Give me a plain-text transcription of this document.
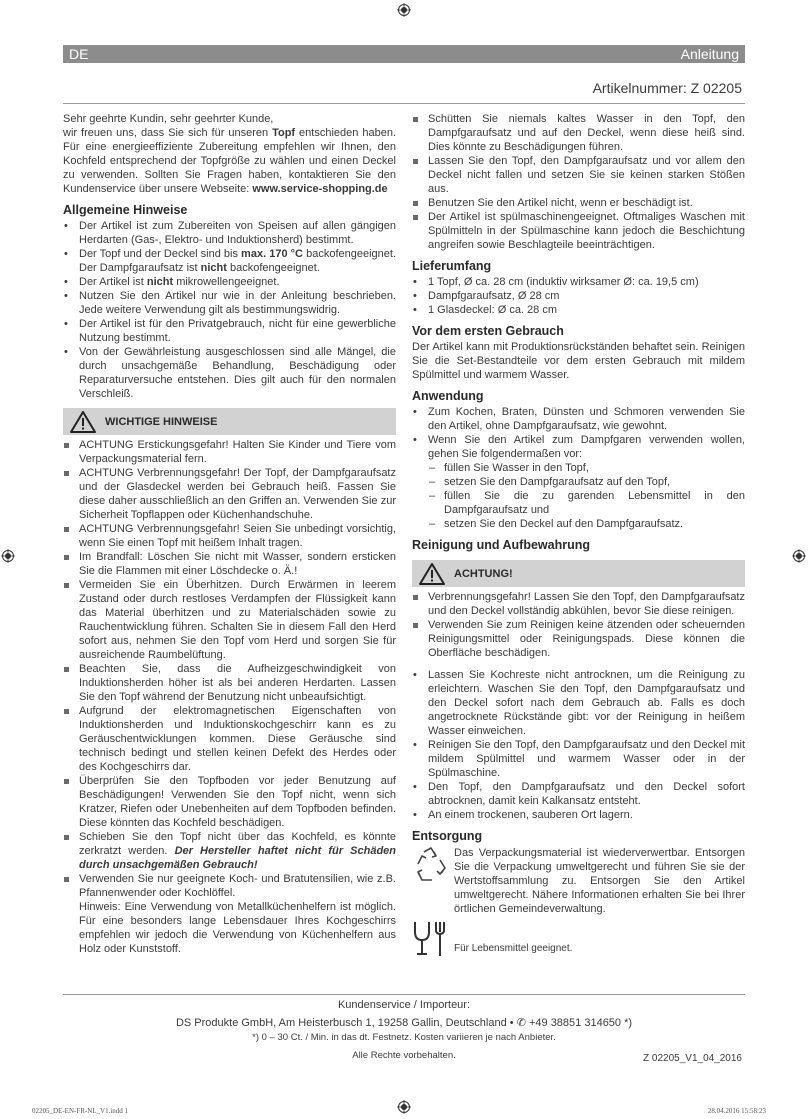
DE	Anleitung
Artikelnummer: Z 02205

Sehr geehrte Kundin, sehr geehrter Kunde,

wir freuen uns, dass Sie sich für unseren Topf entschieden haben. Für eine energieeffiziente Zubereitung empfehlen wir Ihnen, den Kochfeld entsprechend der Topfgröße zu wählen und einen Deckel zu verwenden. Sollten Sie Fragen haben, kontaktieren Sie den Kundenservice über unsere Webseite: www.service-shopping.de

Allgemeine Hinweise
• Der Artikel ist zum Zubereiten von Speisen auf allen gängigen Herdarten (Gas-, Elektro- und Induktionsherd) bestimmt.
• Der Topf und der Deckel sind bis max. 170 °C backofengeeignet. Der Dampfgaraufsatz ist nicht backofengeeignet.
• Der Artikel ist nicht mikrowellengeeignet.
• Nutzen Sie den Artikel nur wie in der Anleitung beschrieben. Jede weitere Verwendung gilt als bestimmungswidrig.
• Der Artikel ist für den Privatgebrauch, nicht für eine gewerbliche Nutzung bestimmt.
• Von der Gewährleistung ausgeschlossen sind alle Mängel, die durch unsachgemäße Behandlung, Beschädigung oder Reparaturversuche entstehen. Dies gilt auch für den normalen Verschleiß.
WICHTIGE HINWEISE
ACHTUNG Erstickungsgefahr! Halten Sie Kinder und Tiere vom Verpackungsmaterial fern.
ACHTUNG Verbrennungsgefahr! Der Topf, der Dampfgaraufsatz und der Glasdeckel werden bei Gebrauch heiß. Fassen Sie diese daher ausschließlich an den Griffen an. Verwenden Sie zur Sicherheit Topflappen oder Küchenhandschuhe.
ACHTUNG Verbrennungsgefahr! Seien Sie unbedingt vorsichtig, wenn Sie einen Topf mit heißem Inhalt tragen.
Im Brandfall: Löschen Sie nicht mit Wasser, sondern ersticken Sie die Flammen mit einer Löschdecke o. Ä.!
Vermeiden Sie ein Überhitzen. Durch Erwärmen in leerem Zustand oder durch restloses Verdampfen der Flüssigkeit kann das Material überhitzen und zu Materialschäden sowie zu Rauchentwicklung führen. Schalten Sie in diesem Fall den Herd sofort aus, nehmen Sie den Topf vom Herd und sorgen Sie für ausreichende Raumbelüftung.
Beachten Sie, dass die Aufheizgeschwindigkeit von Induktionsherden höher ist als bei anderen Herdarten. Lassen Sie den Topf während der Benutzung nicht unbeaufsichtigt.
Aufgrund der elektromagnetischen Eigenschaften von Induktionsherden und Induktionskochgeschirr kann es zu Geräuschentwicklungen kommen. Diese Geräusche sind technisch bedingt und stellen keinen Defekt des Herdes oder des Kochgeschirrs dar.
Überprüfen Sie den Topfboden vor jeder Benutzung auf Beschädigungen! Verwenden Sie den Topf nicht, wenn sich Kratzer, Riefen oder Unebenheiten auf dem Topfboden befinden. Diese könnten das Kochfeld beschädigen.
Schieben Sie den Topf nicht über das Kochfeld, es könnte zerkratzt werden. Der Hersteller haftet nicht für Schäden durch unsachgemäßen Gebrauch!
Verwenden Sie nur geeignete Koch- und Bratutensilien, wie z.B. Pfannenwender oder Kochlöffel.
Hinweis: Eine Verwendung von Metallküchenhelfern ist möglich. Für eine besonders lange Lebensdauer Ihres Kochgeschirrs empfehlen wir jedoch die Verwendung von Küchenhelfern aus Holz oder Kunststoff.
Schütten Sie niemals kaltes Wasser in den Topf, den Dampfgaraufsatz und auf den Deckel, wenn diese heiß sind. Dies könnte zu Beschädigungen führen.
Lassen Sie den Topf, den Dampfgaraufsatz und vor allem den Deckel nicht fallen und setzen Sie sie keinen starken Stößen aus.
Benutzen Sie den Artikel nicht, wenn er beschädigt ist.
Der Artikel ist spülmaschinengeeignet. Oftmaliges Waschen mit Spülmitteln in der Spülmaschine kann jedoch die Beschichtung angreifen sowie Beschlagteile beeinträchtigen.
Lieferumfang
• 1 Topf, Ø ca. 28 cm (induktiv wirksamer Ø: ca. 19,5 cm)
• Dampfgaraufsatz, Ø 28 cm
• 1 Glasdeckel: Ø ca. 28 cm
Vor dem ersten Gebrauch

Der Artikel kann mit Produktionsrückständen behaftet sein. Reinigen Sie die Set-Bestandteile vor dem ersten Gebrauch mit mildem Spülmittel und warmem Wasser.

Anwendung
• Zum Kochen, Braten, Dünsten und Schmoren verwenden Sie den Artikel, ohne Dampfgaraufsatz, wie gewohnt.
• Wenn Sie den Artikel zum Dampfgaren verwenden wollen, gehen Sie folgendermaßen vor:
– füllen Sie Wasser in den Topf,
– setzen Sie den Dampfgaraufsatz auf den Topf,
– füllen Sie die zu garenden Lebensmittel in den Dampfgaraufsatz und
– setzen Sie den Deckel auf den Dampfgaraufsatz.
Reinigung und Aufbewahrung
ACHTUNG!
Verbrennungsgefahr! Lassen Sie den Topf, den Dampfgaraufsatz und den Deckel vollständig abkühlen, bevor Sie diese reinigen.
Verwenden Sie zum Reinigen keine ätzenden oder scheuernden Reinigungsmittel oder Reinigungspads. Diese können die Oberfläche beschädigen.
• Lassen Sie Kochreste nicht antrocknen, um die Reinigung zu erleichtern. Waschen Sie den Topf, den Dampfgaraufsatz und den Deckel sofort nach dem Gebrauch ab. Falls es doch angetrocknete Rückstände gibt: vor der Reinigung in heißem Wasser einweichen.
• Reinigen Sie den Topf, den Dampfgaraufsatz und den Deckel mit mildem Spülmittel und warmem Wasser oder in der Spülmaschine.
• Den Topf, den Dampfgaraufsatz und den Deckel sofort abtrocknen, damit kein Kalkansatz entsteht.
• An einem trockenen, sauberen Ort lagern.
Entsorgung

Das Verpackungsmaterial ist wiederverwertbar. Entsorgen Sie die Verpackung umweltgerecht und führen Sie sie der Wertstoffsammlung zu. Entsorgen Sie den Artikel umweltgerecht. Nähere Informationen erhalten Sie bei Ihrer örtlichen Gemeindeverwaltung.

Für Lebensmittel geeignet.
Kundenservice / Importeur:
DS Produkte GmbH, Am Heisterbusch 1, 19258 Gallin, Deutschland • ✆ +49 38851 314650 *)
*) 0 – 30 Ct. / Min. in das dt. Festnetz. Kosten variieren je nach Anbieter.
Alle Rechte vorbehalten.	Z 02205_V1_04_2016
02205_DE-EN-FR-NL_V1.indd 1	28.04.2016 15:58:23
